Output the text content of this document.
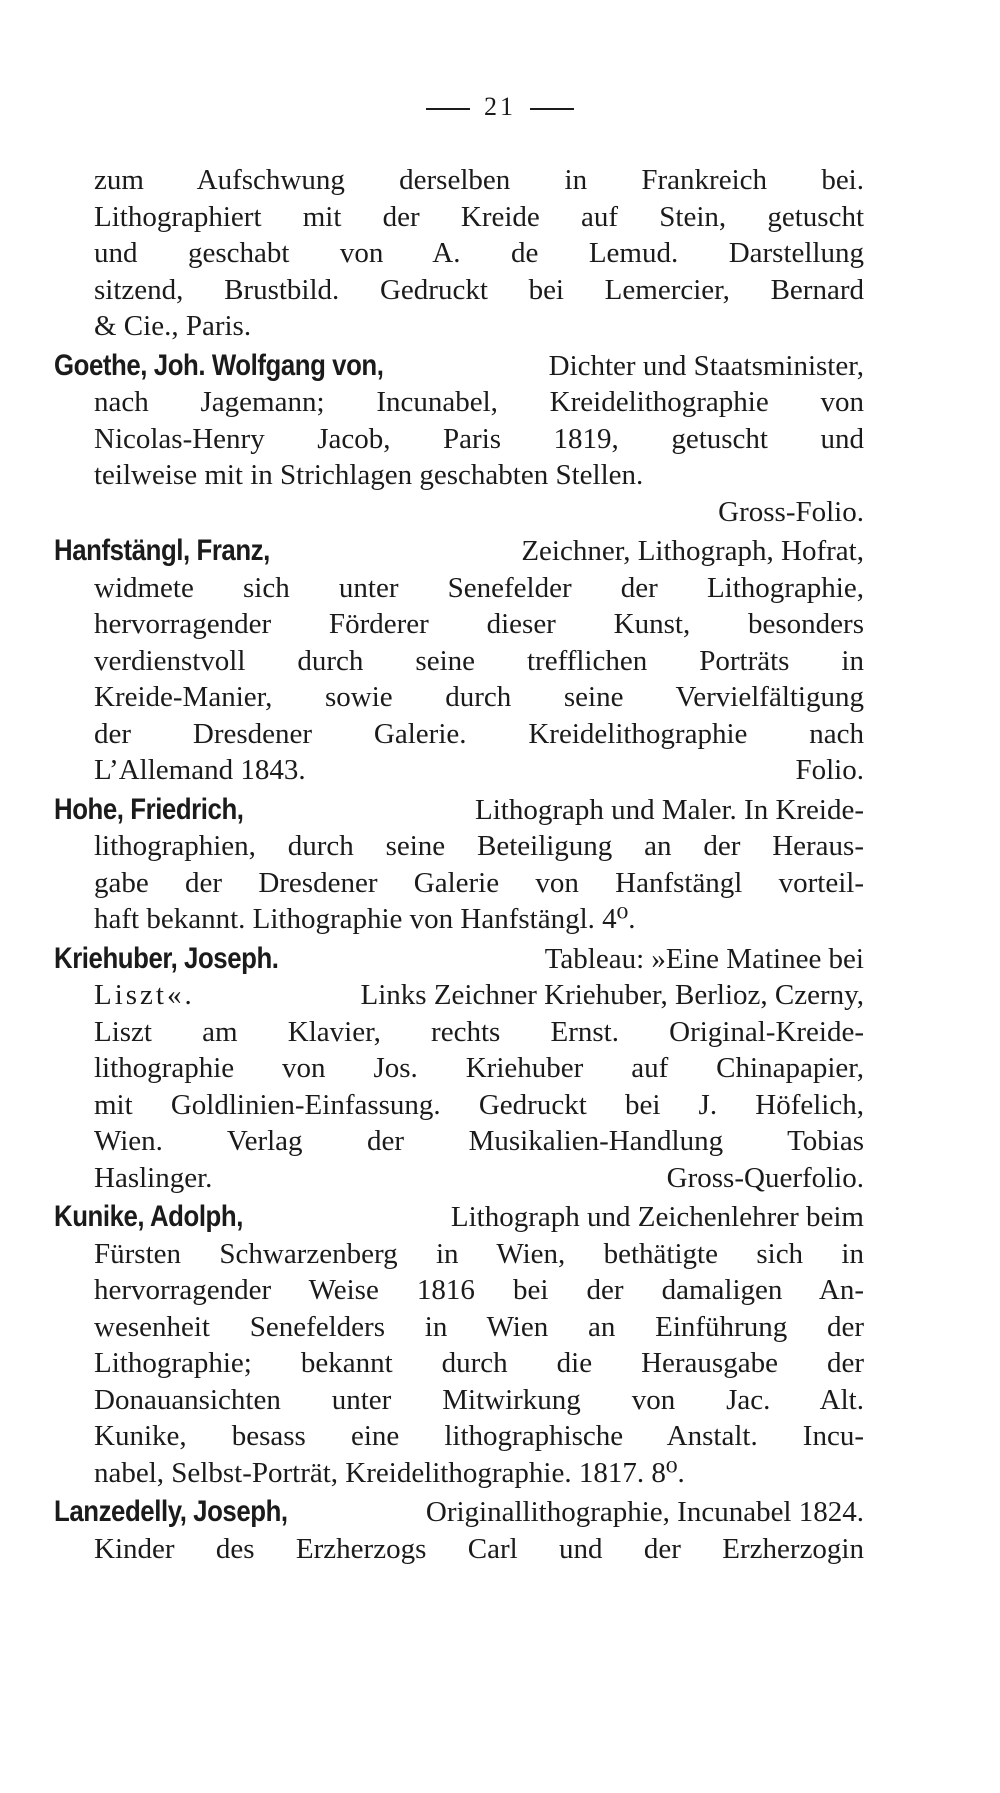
21
zum Aufschwung derselben in Frankreich bei.
Lithographiert mit der Kreide auf Stein, getuscht
und geschabt von A. de Lemud. Darstellung
sitzend, Brustbild. Gedruckt bei Lemercier, Bernard
& Cie., Paris.
Goethe, Joh. Wolfgang von,	Dichter und Staatsminister,
nach Jagemann; Incunabel, Kreidelithographie von
Nicolas-Henry Jacob, Paris 1819, getuscht und
teilweise mit in Strichlagen geschabten Stellen.
Gross-Folio.
Hanfstängl, Franz,	Zeichner, Lithograph, Hofrat,
widmete sich unter Senefelder der Lithographie,
hervorragender Förderer dieser Kunst, besonders
verdienstvoll durch seine trefflichen Porträts in
Kreide-Manier, sowie durch seine Vervielfältigung
der Dresdener Galerie. Kreidelithographie nach
L’Allemand 1843.	Folio.
Hohe, Friedrich,	Lithograph und Maler. In Kreide-
lithographien, durch seine Beteiligung an der Heraus-
gabe der Dresdener Galerie von Hanfstängl vorteil-
haft bekannt. Lithographie von Hanfstängl. 4⁰.
Kriehuber, Joseph.	Tableau: »Eine Matinee bei
Liszt«.	Links Zeichner Kriehuber, Berlioz, Czerny,
Liszt am Klavier, rechts Ernst. Original-Kreide-
lithographie von Jos. Kriehuber auf Chinapapier,
mit Goldlinien-Einfassung. Gedruckt bei J. Höfelich,
Wien. Verlag der Musikalien-Handlung Tobias
Haslinger.	Gross-Querfolio.
Kunike, Adolph,	Lithograph und Zeichenlehrer beim
Fürsten Schwarzenberg in Wien, bethätigte sich in
hervorragender Weise 1816 bei der damaligen An-
wesenheit Senefelders in Wien an Einführung der
Lithographie; bekannt durch die Herausgabe der
Donauansichten unter Mitwirkung von Jac. Alt.
Kunike, besass eine lithographische Anstalt. Incu-
nabel, Selbst-Porträt, Kreidelithographie. 1817. 8⁰.
Lanzedelly, Joseph,	Originallithographie, Incunabel 1824.
Kinder des Erzherzogs Carl und der Erzherzogin
